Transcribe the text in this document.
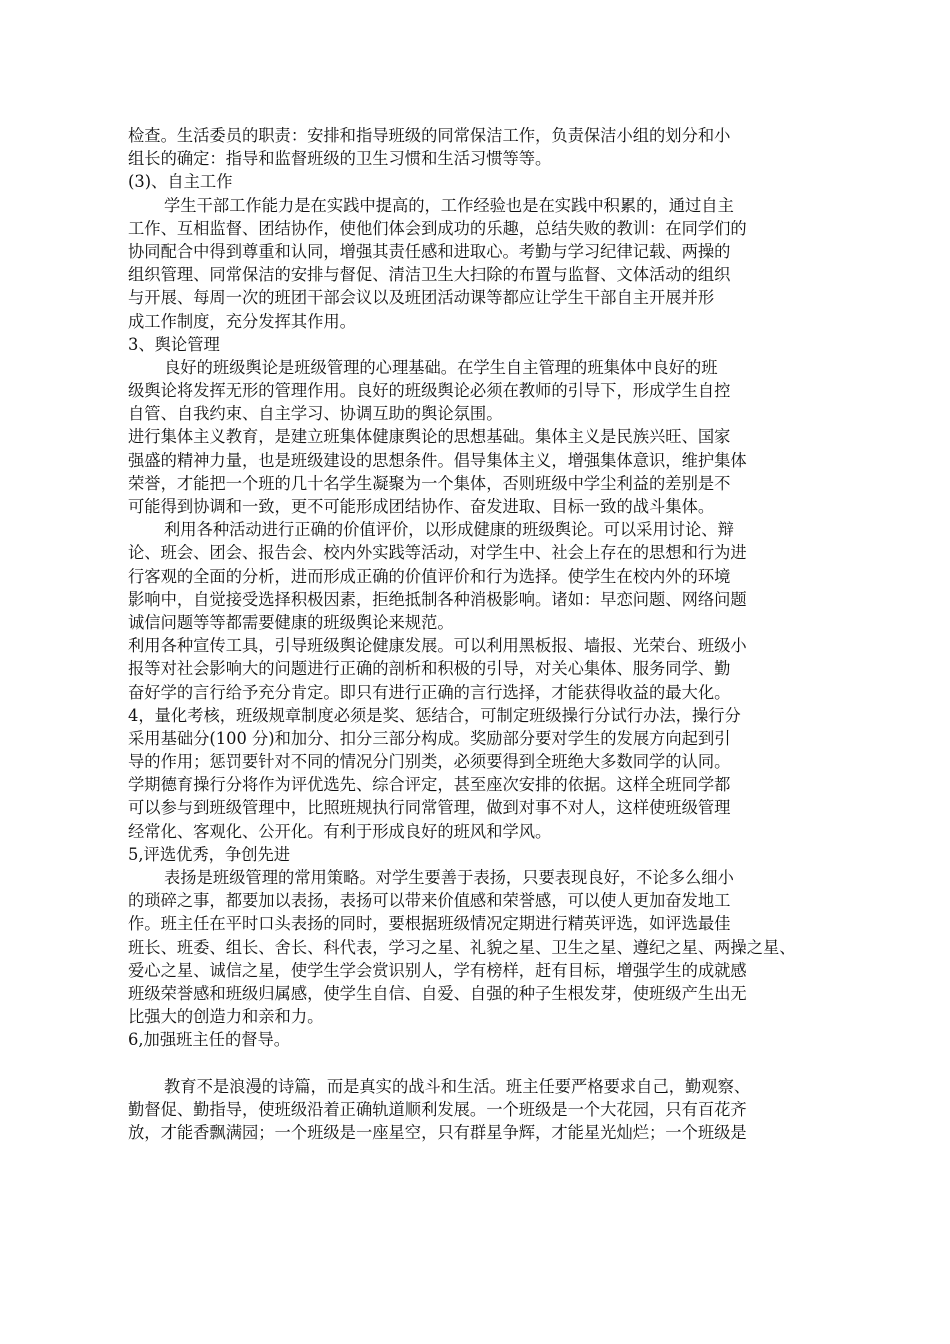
检查。生活委员的职责：安排和指导班级的同常保洁工作，负责保洁小组的划分和小
组长的确定：指导和监督班级的卫生习惯和生活习惯等等。
(3)、自主工作
学生干部工作能力是在实践中提高的，工作经验也是在实践中积累的，通过自主
工作、互相监督、团结协作，使他们体会到成功的乐趣，总结失败的教训：在同学们的
协同配合中得到尊重和认同，增强其责任感和进取心。考勤与学习纪律记载、两操的
组织管理、同常保洁的安排与督促、清洁卫生大扫除的布置与监督、文体活动的组织
与开展、每周一次的班团干部会议以及班团活动课等都应让学生干部自主开展并形
成工作制度，充分发挥其作用。
3、舆论管理
良好的班级舆论是班级管理的心理基础。在学生自主管理的班集体中良好的班
级舆论将发挥无形的管理作用。良好的班级舆论必须在教师的引导下，形成学生自控
自管、自我约束、自主学习、协调互助的舆论氛围。
进行集体主义教育，是建立班集体健康舆论的思想基础。集体主义是民族兴旺、国家
强盛的精神力量，也是班级建设的思想条件。倡导集体主义，增强集体意识，维护集体
荣誉，才能把一个班的几十名学生凝聚为一个集体，否则班级中学尘利益的差别是不
可能得到协调和一致，更不可能形成团结协作、奋发进取、目标一致的战斗集体。
利用各种活动进行正确的价值评价，以形成健康的班级舆论。可以采用讨论、辩
论、班会、团会、报告会、校内外实践等活动，对学生中、社会上存在的思想和行为进
行客观的全面的分析，进而形成正确的价值评价和行为选择。使学生在校内外的环境
影响中，自觉接受选择积极因素，拒绝抵制各种消极影响。诸如：早恋问题、网络问题
诚信问题等等都需要健康的班级舆论来规范。
利用各种宣传工具，引导班级舆论健康发展。可以利用黑板报、墙报、光荣台、班级小
报等对社会影响大的问题进行正确的剖析和积极的引导，对关心集体、服务同学、勤
奋好学的言行给予充分肯定。即只有进行正确的言行选择，才能获得收益的最大化。
4，量化考核，班级规章制度必须是奖、惩结合，可制定班级操行分试行办法，操行分
采用基础分(100 分)和加分、扣分三部分构成。奖励部分要对学生的发展方向起到引
导的作用；惩罚要针对不同的情况分门别类，必须要得到全班绝大多数同学的认同。
学期德育操行分将作为评优选先、综合评定，甚至座次安排的依据。这样全班同学都
可以参与到班级管理中，比照班规执行同常管理，做到对事不对人，这样使班级管理
经常化、客观化、公开化。有利于形成良好的班风和学风。
5,评选优秀，争创先进
表扬是班级管理的常用策略。对学生要善于表扬，只要表现良好，不论多么细小
的琐碎之事，都要加以表扬，表扬可以带来价值感和荣誉感，可以使人更加奋发地工
作。班主任在平时口头表扬的同时，要根据班级情况定期进行精英评选，如评选最佳
班长、班委、组长、舍长、科代表，学习之星、礼貌之星、卫生之星、遵纪之星、两操之星、
爱心之星、诚信之星，使学生学会赏识别人，学有榜样，赶有目标，增强学生的成就感
班级荣誉感和班级归属感，使学生自信、自爱、自强的种子生根发芽，使班级产生出无
比强大的创造力和亲和力。
6,加强班主任的督导。
教育不是浪漫的诗篇，而是真实的战斗和生活。班主任要严格要求自己，勤观察、
勤督促、勤指导，使班级沿着正确轨道顺利发展。一个班级是一个大花园，只有百花齐
放，才能香飘满园；一个班级是一座星空，只有群星争辉，才能星光灿烂；一个班级是
